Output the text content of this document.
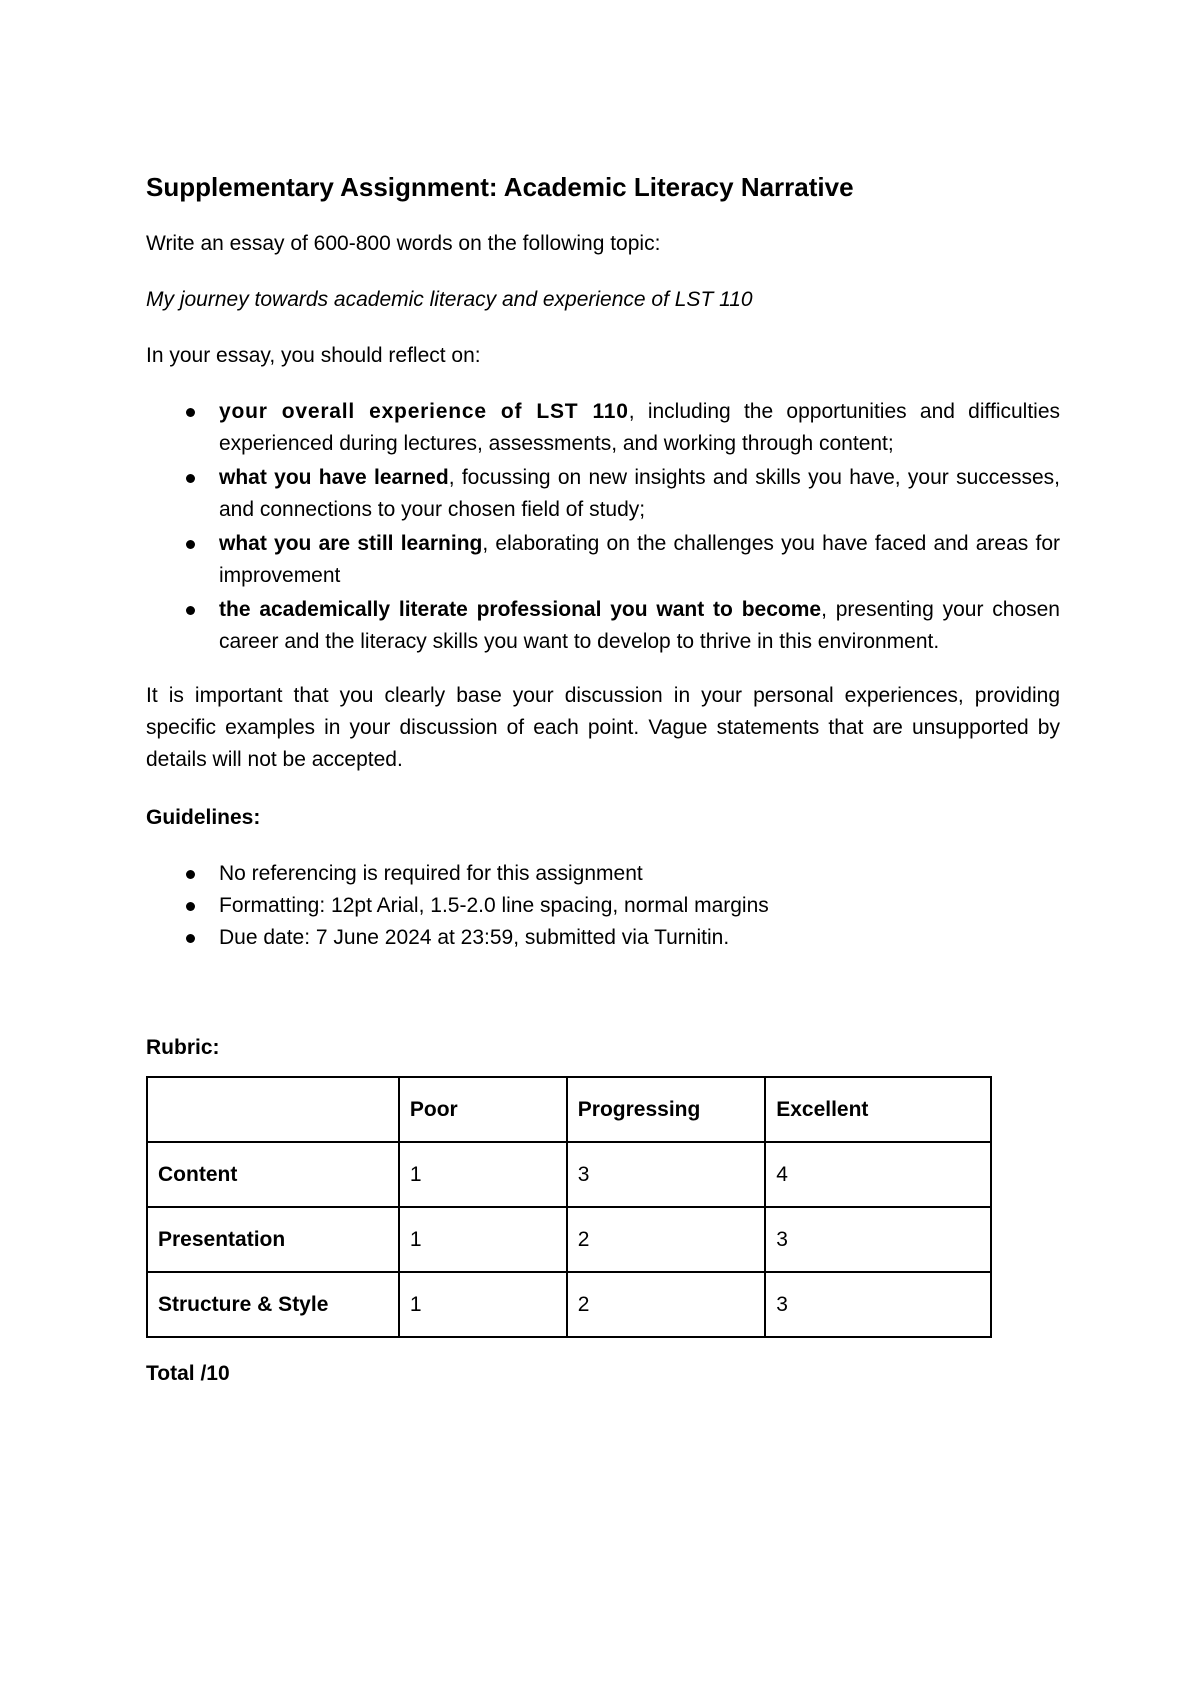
Supplementary Assignment: Academic Literacy Narrative

Write an essay of 600-800 words on the following topic:

My journey towards academic literacy and experience of LST 110

In your essay, you should reflect on:

your overall experience of LST 110, including the opportunities and difficulties experienced during lectures, assessments, and working through content;
what you have learned, focussing on new insights and skills you have, your successes, and connections to your chosen field of study;
what you are still learning, elaborating on the challenges you have faced and areas for improvement
the academically literate professional you want to become, presenting your chosen career and the literacy skills you want to develop to thrive in this environment.

It is important that you clearly base your discussion in your personal experiences, providing specific examples in your discussion of each point. Vague statements that are unsupported by details will not be accepted.

Guidelines:
No referencing is required for this assignment
Formatting: 12pt Arial, 1.5-2.0 line spacing, normal margins
Due date: 7 June 2024 at 23:59, submitted via Turnitin.
Rubric:
	Poor	Progressing	Excellent
Content	1	3	4
Presentation	1	2	3
Structure & Style	1	2	3
Total /10
